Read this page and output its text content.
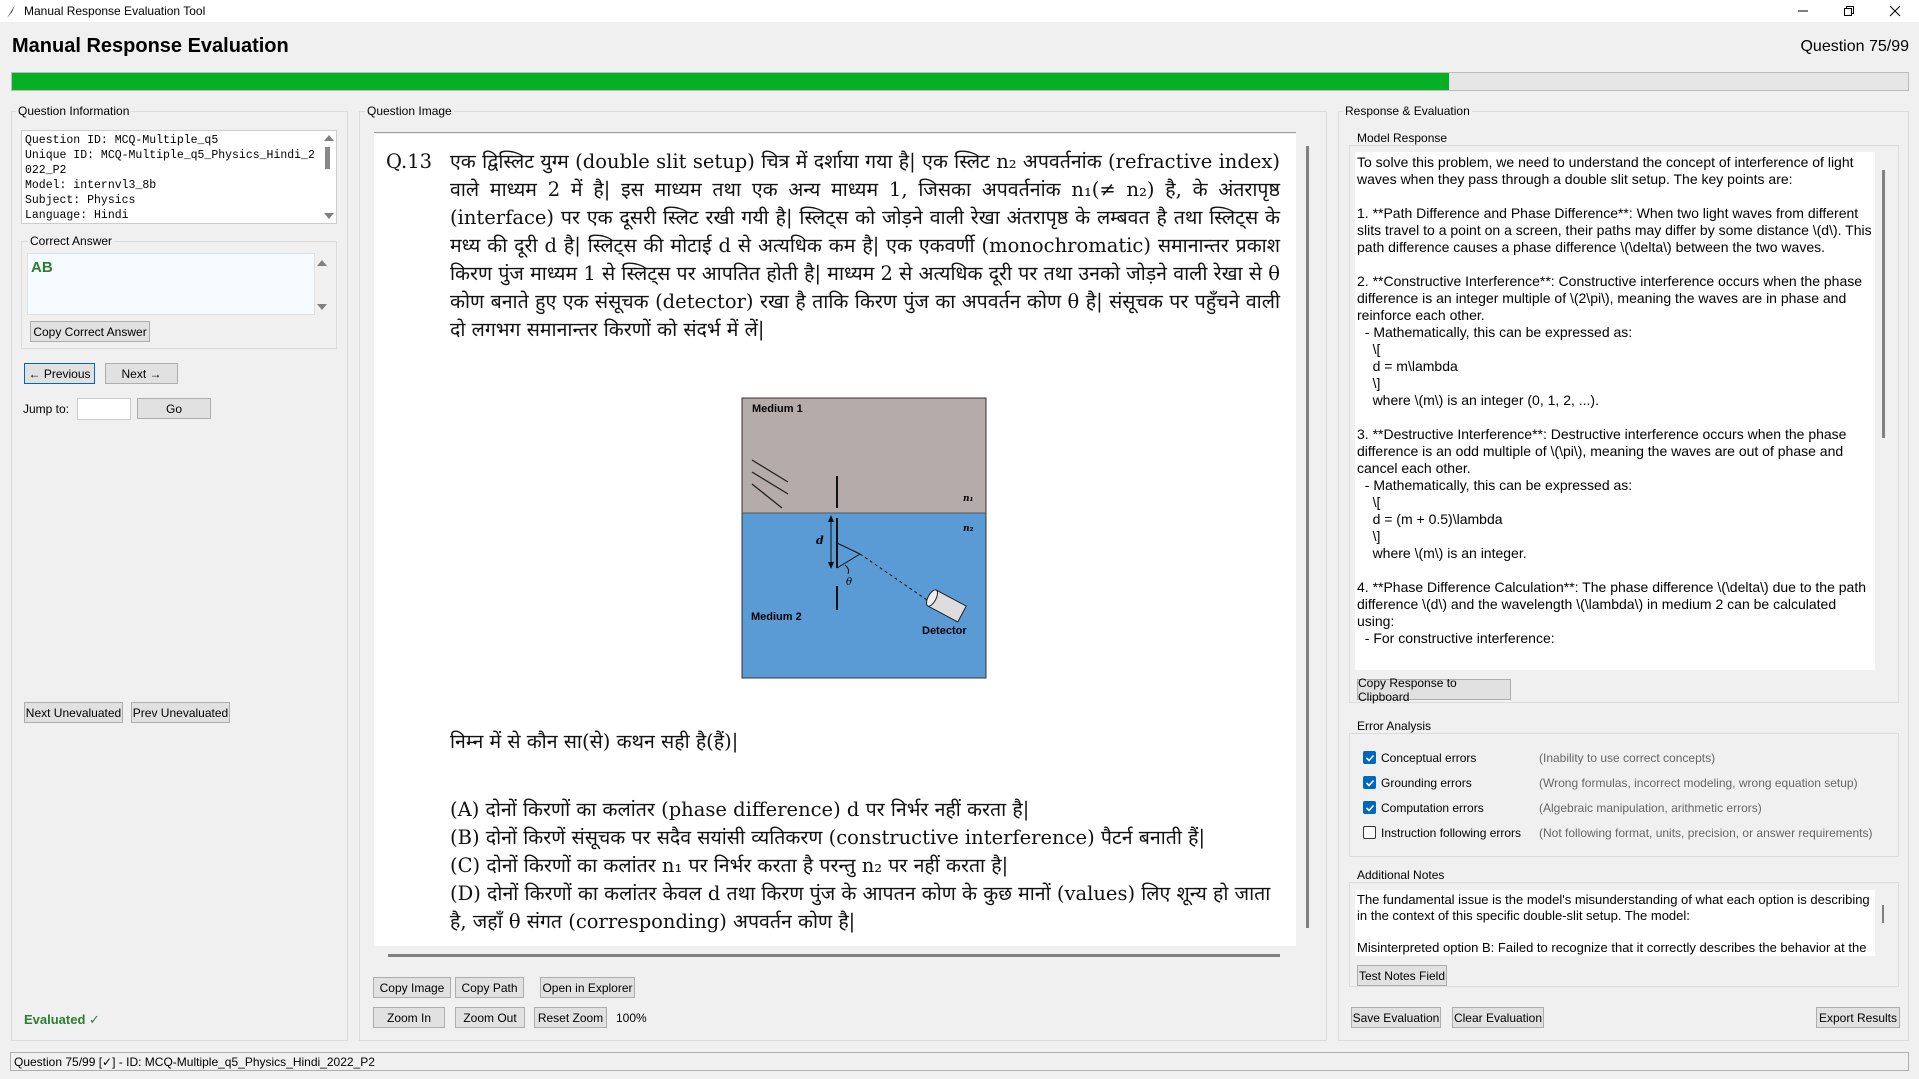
Manual Response Evaluation Tool
Manual Response Evaluation	Question 75/99
Question Information
Question ID: MCQ-Multiple_q5
Unique ID: MCQ-Multiple_q5_Physics_Hindi_2
022_P2
Model: internvl3_8b
Subject: Physics
Language: Hindi
Correct Answer
AB
Copy Correct Answer
← Previous	Next →
Jump to:	Go
Next Unevaluated Prev Unevaluated
Evaluated ✓
Question Image
Q.13 एक द्विस्लिट युग्म (double slit setup) चित्र में दर्शाया गया है| एक स्लिट n₂ अपवर्तनांक (refractive index) वाले माध्यम 2 में है| इस माध्यम तथा एक अन्य माध्यम 1, जिसका अपवर्तनांक n₁(≠ n₂) है, के अंतरापृष्ठ (interface) पर एक दूसरी स्लिट रखी गयी है| स्लिट्स को जोड़ने वाली रेखा अंतरापृष्ठ के लम्बवत है तथा स्लिट्स के मध्य की दूरी d है| स्लिट्स की मोटाई d से अत्यधिक कम है| एक एकवर्णी (monochromatic) समानान्तर प्रकाश किरण पुंज माध्यम 1 से स्लिट्स पर आपतित होती है| माध्यम 2 से अत्यधिक दूरी पर तथा उनको जोड़ने वाली रेखा से θ कोण बनाते हुए एक संसूचक (detector) रखा है ताकि किरण पुंज का अपवर्तन कोण θ है| संसूचक पर पहुँचने वाली दो लगभग समानान्तर किरणों को संदर्भ में लें|
Medium 1
Medium 2
n₁
n₂
d
θ
Detector
निम्न में से कौन सा(से) कथन सही है(हैं)|
(A) दोनों किरणों का कलांतर (phase difference) d पर निर्भर नहीं करता है|
(B) दोनों किरणें संसूचक पर सदैव सयांसी व्यतिकरण (constructive interference) पैटर्न बनाती हैं|
(C) दोनों किरणों का कलांतर n₁ पर निर्भर करता है परन्तु n₂ पर नहीं करता है|
(D) दोनों किरणों का कलांतर केवल d तथा किरण पुंज के आपतन कोण के कुछ मानों (values) लिए शून्य हो जाता है, जहाँ θ संगत (corresponding) अपवर्तन कोण है|
Copy Image	Copy Path	Open in Explorer
Zoom In	Zoom Out	Reset Zoom	100%
Response & Evaluation
Model Response
To solve this problem, we need to understand the concept of interference of light waves when they pass through a double slit setup. The key points are:

1. **Path Difference and Phase Difference**: When two light waves from different slits travel to a point on a screen, their paths may differ by some distance \(d\). This path difference causes a phase difference \(\delta\) between the two waves.

2. **Constructive Interference**: Constructive interference occurs when the phase difference is an integer multiple of \(2\pi\), meaning the waves are in phase and reinforce each other.
- Mathematically, this can be expressed as:
\[
d = m\lambda
\]
where \(m\) is an integer (0, 1, 2, ...).

3. **Destructive Interference**: Destructive interference occurs when the phase difference is an odd multiple of \(\pi\), meaning the waves are out of phase and cancel each other.
- Mathematically, this can be expressed as:
\[
d = (m + 0.5)\lambda
\]
where \(m\) is an integer.

4. **Phase Difference Calculation**: The phase difference \(\delta\) due to the path difference \(d\) and the wavelength \(\lambda\) in medium 2 can be calculated using:
- For constructive interference:
Copy Response to Clipboard
Error Analysis
Conceptual errors	(Inability to use correct concepts)
Grounding errors	(Wrong formulas, incorrect modeling, wrong equation setup)
Computation errors	(Algebraic manipulation, arithmetic errors)
Instruction following errors (Not following format, units, precision, or answer requirements)
Additional Notes
The fundamental issue is the model's misunderstanding of what each option is describing in the context of this specific double-slit setup. The model:

Misinterpreted option B: Failed to recognize that it correctly describes the behavior at the
Test Notes Field
Save Evaluation Clear Evaluation	Export Results
Question 75/99 [✓] - ID: MCQ-Multiple_q5_Physics_Hindi_2022_P2
